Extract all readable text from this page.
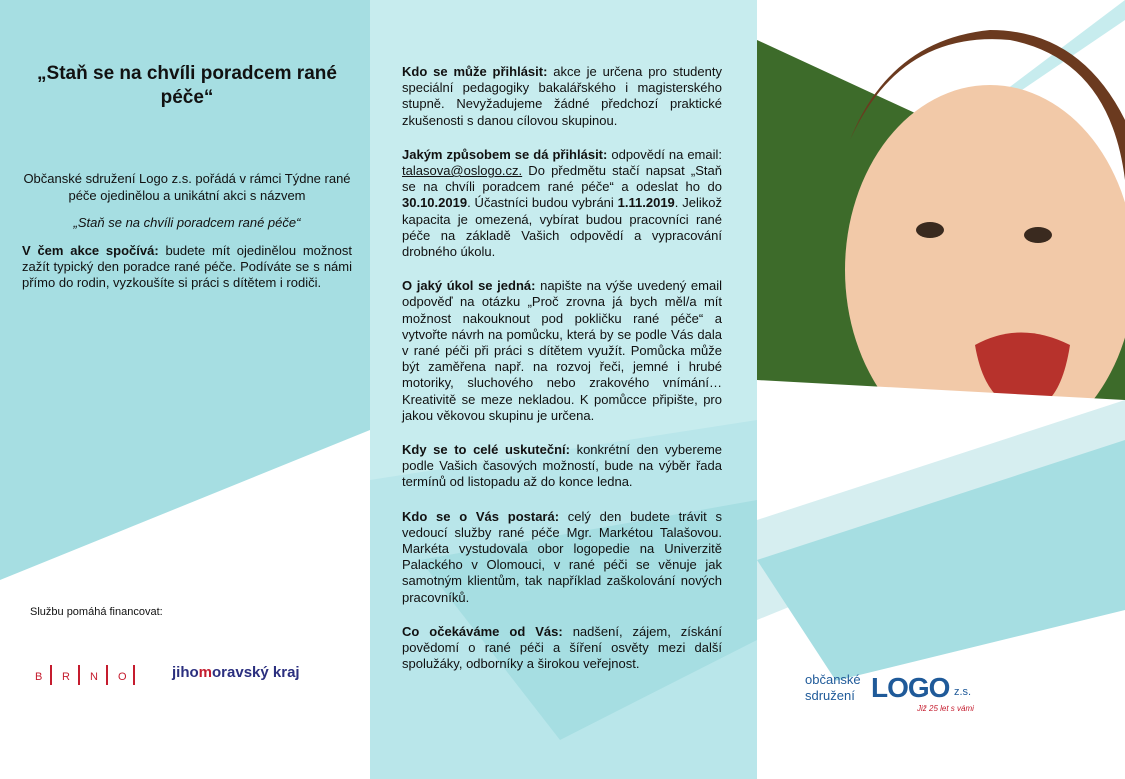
„Staň se na chvíli poradcem rané péče“

Občanské sdružení Logo z.s. pořádá v rámci Týdne rané péče ojedinělou a unikátní akci s názvem

„Staň se na chvíli poradcem rané péče“

V čem akce spočívá: budete mít ojedinělou možnost zažít typický den poradce rané péče. Podíváte se s námi přímo do rodin, vyzkoušíte si práci s dítětem i rodiči.

Službu pomáhá financovat:
B R N O	jihomoravský kraj

Kdo se může přihlásit: akce je určena pro studenty speciální pedagogiky bakalářského i magisterského stupně. Nevyžadujeme žádné předchozí praktické zkušenosti s danou cílovou skupinou.

Jakým způsobem se dá přihlásit: odpovědí na email: talasova@oslogo.cz. Do předmětu stačí napsat „Staň se na chvíli poradcem rané péče“ a odeslat ho do 30.10.2019. Účastníci budou vybráni 1.11.2019. Jelikož kapacita je omezená, vybírat budou pracovníci rané péče na základě Vašich odpovědí a vypracování drobného úkolu.

O jaký úkol se jedná: napište na výše uvedený email odpověď na otázku „Proč zrovna já bych měl/a mít možnost nakouknout pod pokličku rané péče“ a vytvořte návrh na pomůcku, která by se podle Vás dala v rané péči při práci s dítětem využít. Pomůcka může být zaměřena např. na rozvoj řeči, jemné i hrubé motoriky, sluchového nebo zrakového vnímání… Kreativitě se meze nekladou. K pomůcce připište, pro jakou věkovou skupinu je určena.

Kdy se to celé uskuteční: konkrétní den vybereme podle Vašich časových možností, bude na výběr řada termínů od listopadu až do konce ledna.

Kdo se o Vás postará: celý den budete trávit s vedoucí služby rané péče Mgr. Markétou Talašovou. Markéta vystudovala obor logopedie na Univerzitě Palackého v Olomouci, v rané péči se věnuje jak samotným klientům, tak například zaškolování nových pracovníků.

Co očekáváme od Vás: nadšení, zájem, získání povědomí o rané péči a šíření osvěty mezi další spolužáky, odborníky a širokou veřejnost.

občanské
sdružení LOGO z.s.
Již 25 let s vámi
